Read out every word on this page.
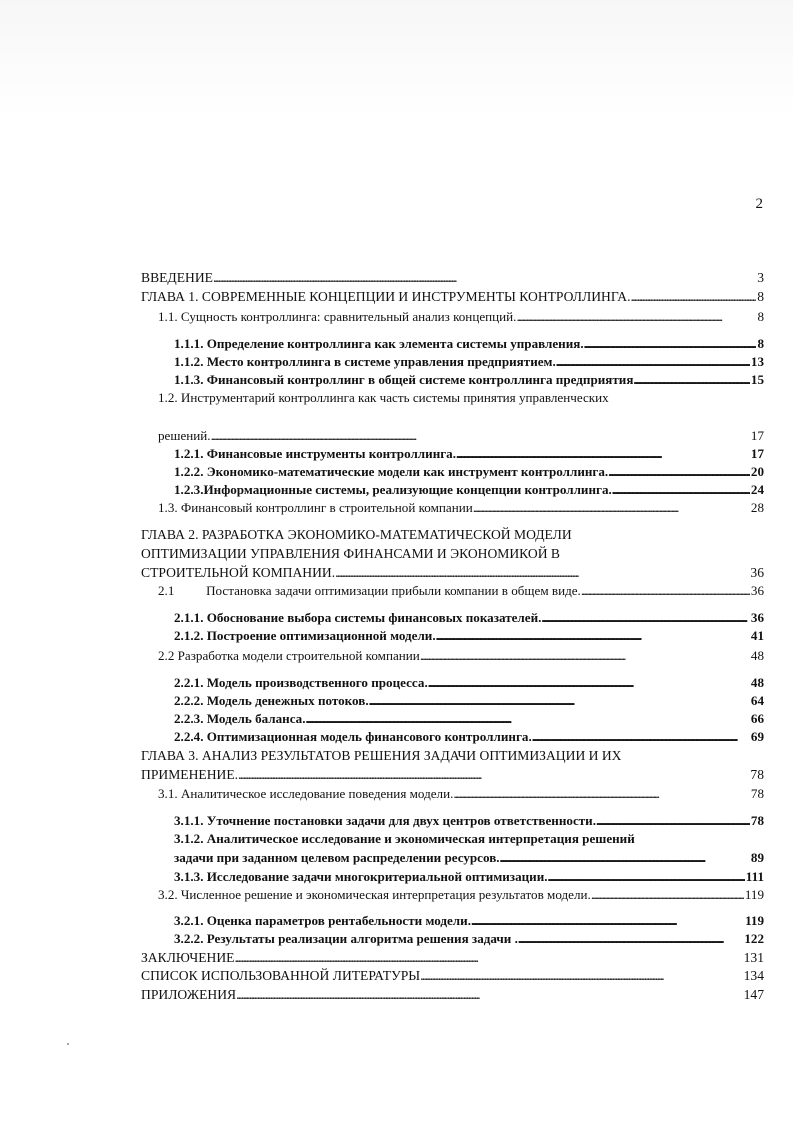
2
ВВЕДЕНИЕ . . .	3
ГЛАВА 1. СОВРЕМЕННЫЕ КОНЦЕПЦИИ И ИНСТРУМЕНТЫ КОНТРОЛЛИНГА. . . .	8
1.1. Сущность контроллинга: сравнительный анализ концепций. . . .	8
1.1.1. Определение контроллинга как элемента системы управления. . . .	8
1.1.2. Место контроллинга в системе управления предприятием. . . .	13
1.1.3. Финансовый контроллинг в общей системе контроллинга предприятия . . .	15
1.2. Инструментарий контроллинга как часть системы принятия управленческих
решений. . . .	17
1.2.1. Финансовые инструменты контроллинга. . . .	17
1.2.2. Экономико-математические модели как инструмент контроллинга. . . .	20
1.2.3.Информационные системы, реализующие концепции контроллинга. . . .	24
1.3. Финансовый контроллинг в строительной компании . . .	28
ГЛАВА 2. РАЗРАБОТКА ЭКОНОМИКО-МАТЕМАТИЧЕСКОЙ МОДЕЛИ
ОПТИМИЗАЦИИ УПРАВЛЕНИЯ ФИНАНСАМИ И ЭКОНОМИКОЙ В
СТРОИТЕЛЬНОЙ КОМПАНИИ. . . .	36
2.1	Постановка задачи оптимизации прибыли компании в общем виде. . . .	36
2.1.1. Обоснование выбора системы финансовых показателей. . . .	36
2.1.2. Построение оптимизационной модели. . . .	41
2.2 Разработка модели строительной компании . . .	48
2.2.1. Модель производственного процесса. . . .	48
2.2.2. Модель денежных потоков. . . .	64
2.2.3. Модель баланса. . . .	66
2.2.4. Оптимизационная модель финансового контроллинга. . . .	69
ГЛАВА 3. АНАЛИЗ РЕЗУЛЬТАТОВ РЕШЕНИЯ ЗАДАЧИ ОПТИМИЗАЦИИ И ИХ
ПРИМЕНЕНИЕ. . . .	78
3.1. Аналитическое исследование поведения модели. . . .	78
3.1.1. Уточнение постановки задачи для двух центров ответственности. . . .	78
3.1.2. Аналитическое исследование и экономическая интерпретация решений
задачи при заданном целевом распределении ресурсов. . . .	89
3.1.3. Исследование задачи многокритериальной оптимизации. . . .	111
3.2. Численное решение и экономическая интерпретация результатов модели. . . .	119
3.2.1. Оценка параметров рентабельности модели. . . .	119
3.2.2. Результаты реализации алгоритма решения задачи . . . .	122
ЗАКЛЮЧЕНИЕ . . .	131
СПИСОК ИСПОЛЬЗОВАННОЙ ЛИТЕРАТУРЫ . . .	134
ПРИЛОЖЕНИЯ . . .	147
